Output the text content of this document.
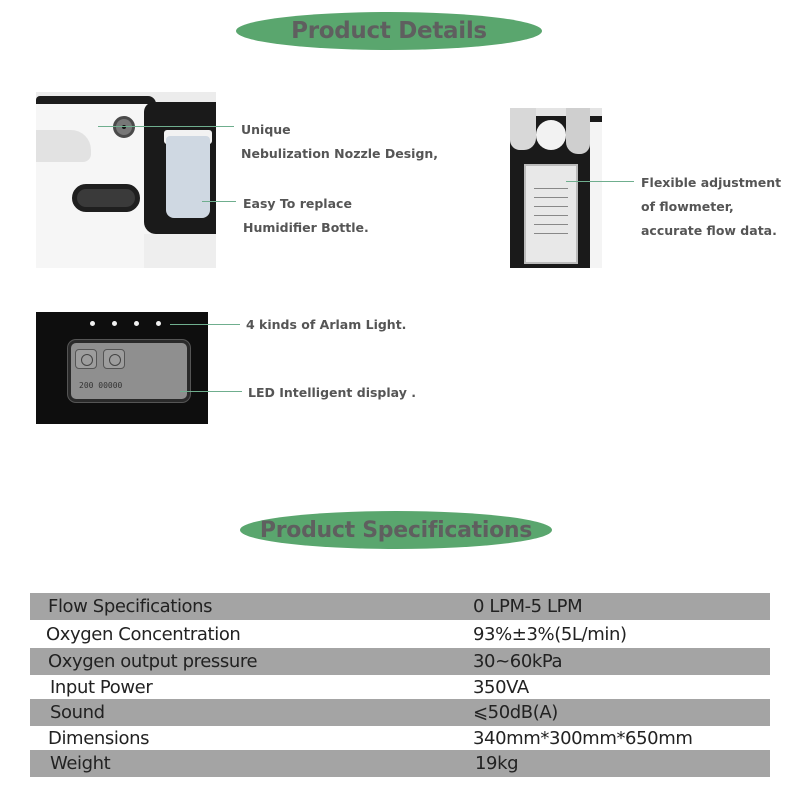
Product Details
Unique
Nebulization Nozzle Design,
Easy To replace
Humidifier Bottle.
Flexible adjustment
of flowmeter,
accurate flow data.
200 00000
4 kinds of Arlam Light.
LED Intelligent display .
Product Specifications
Flow Specifications	0 LPM-5 LPM
Oxygen Concentration	93%±3%(5L/min)
Oxygen output pressure	30~60kPa
Input Power	350VA
Sound	⩽50dB(A)
Dimensions	340mm*300mm*650mm
Weight	19kg
